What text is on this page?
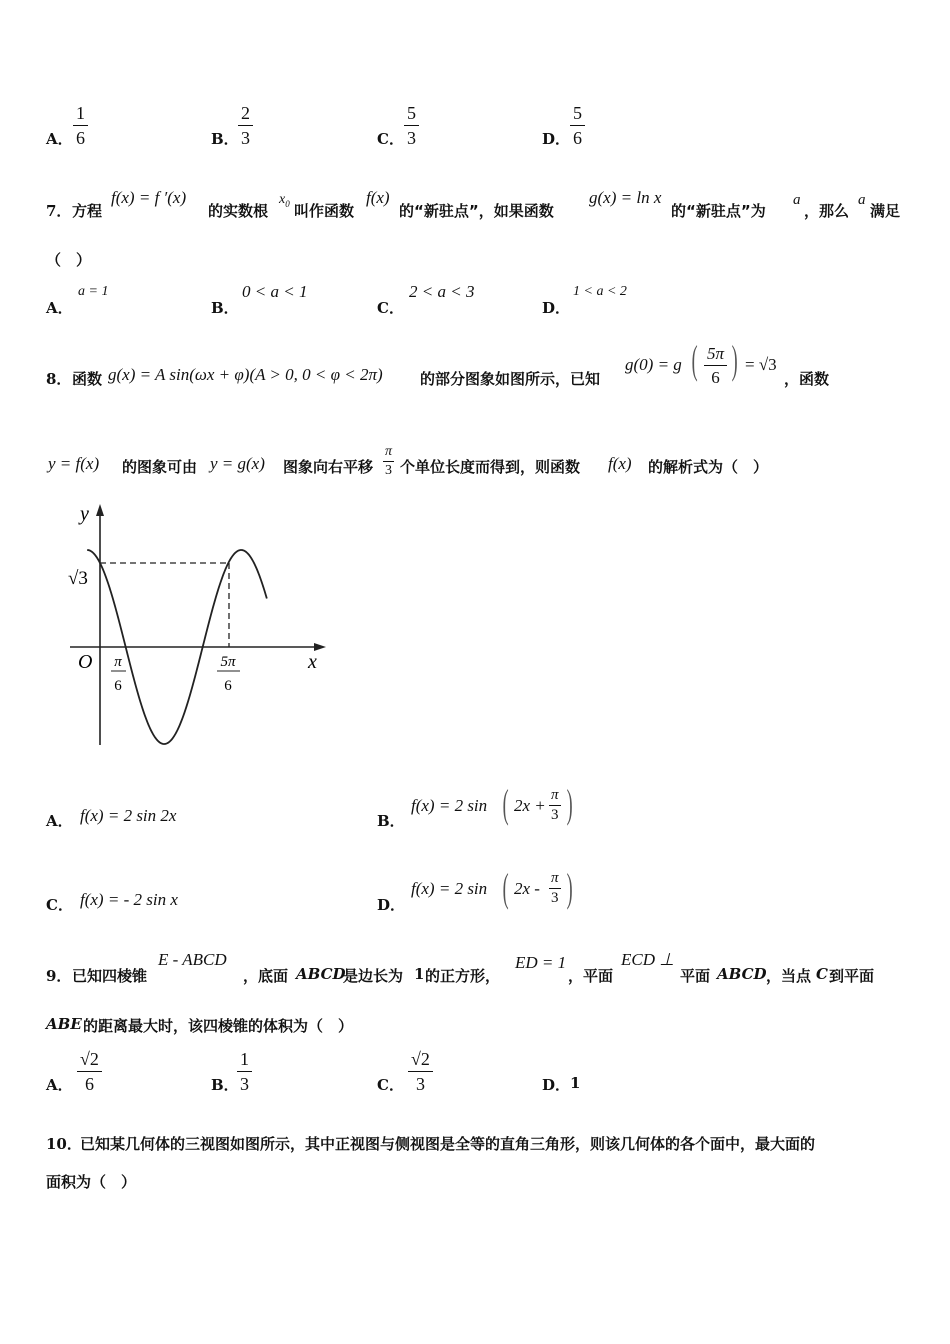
A．
1
6	B．
2
3	C．
5
3	D．
5
6
7． 方程
f(x) = f ′(x)
的实数根
$x_0$ 叫作函数
f(x)
的“新驻点”，如果函数
g(x) = ln x
的“新驻点”为
a
，那么
a
满足
（　）
A．
a = 1
B．
0 < a < 1
C．
2 < a < 3
D．
1 < a < 2
8． 函数 g(x) = A sin(ωx + φ)(A > 0, 0 < φ < 2π) 的部分图象如图所示，已知
g(0) = g ( 5π
6 ) = √3
，函数
y = f(x) 的图象可由 y = g(x) 图象向右平移
π
3 个单位长度而得到，则函数 f(x) 的解析式为（　）
y
x
O
√3
π
6
5π
6
A． f(x) = 2 sin 2x	B．
f(x) = 2 sin ( 2x +
π
3 )
C． f(x) = - 2 sin x	D．
f(x) = 2 sin ( 2x -
π
3 )
9． 已知四棱锥
E - ABCD
，底面 ABCD
是边长为 1 的正方形，
ED = 1
，平面
ECD ⊥
平面 ABCD ，当点 C 到平面
ABE 的距离最大时，该四棱锥的体积为（　）
A．
√2
6	B．
1
3	C．
√2
3	D． 1
10．
已知某几何体的三视图如图所示，其中正视图与侧视图是全等的直角三角形，则该几何体的各个面中，最大面的
面积为（　）
